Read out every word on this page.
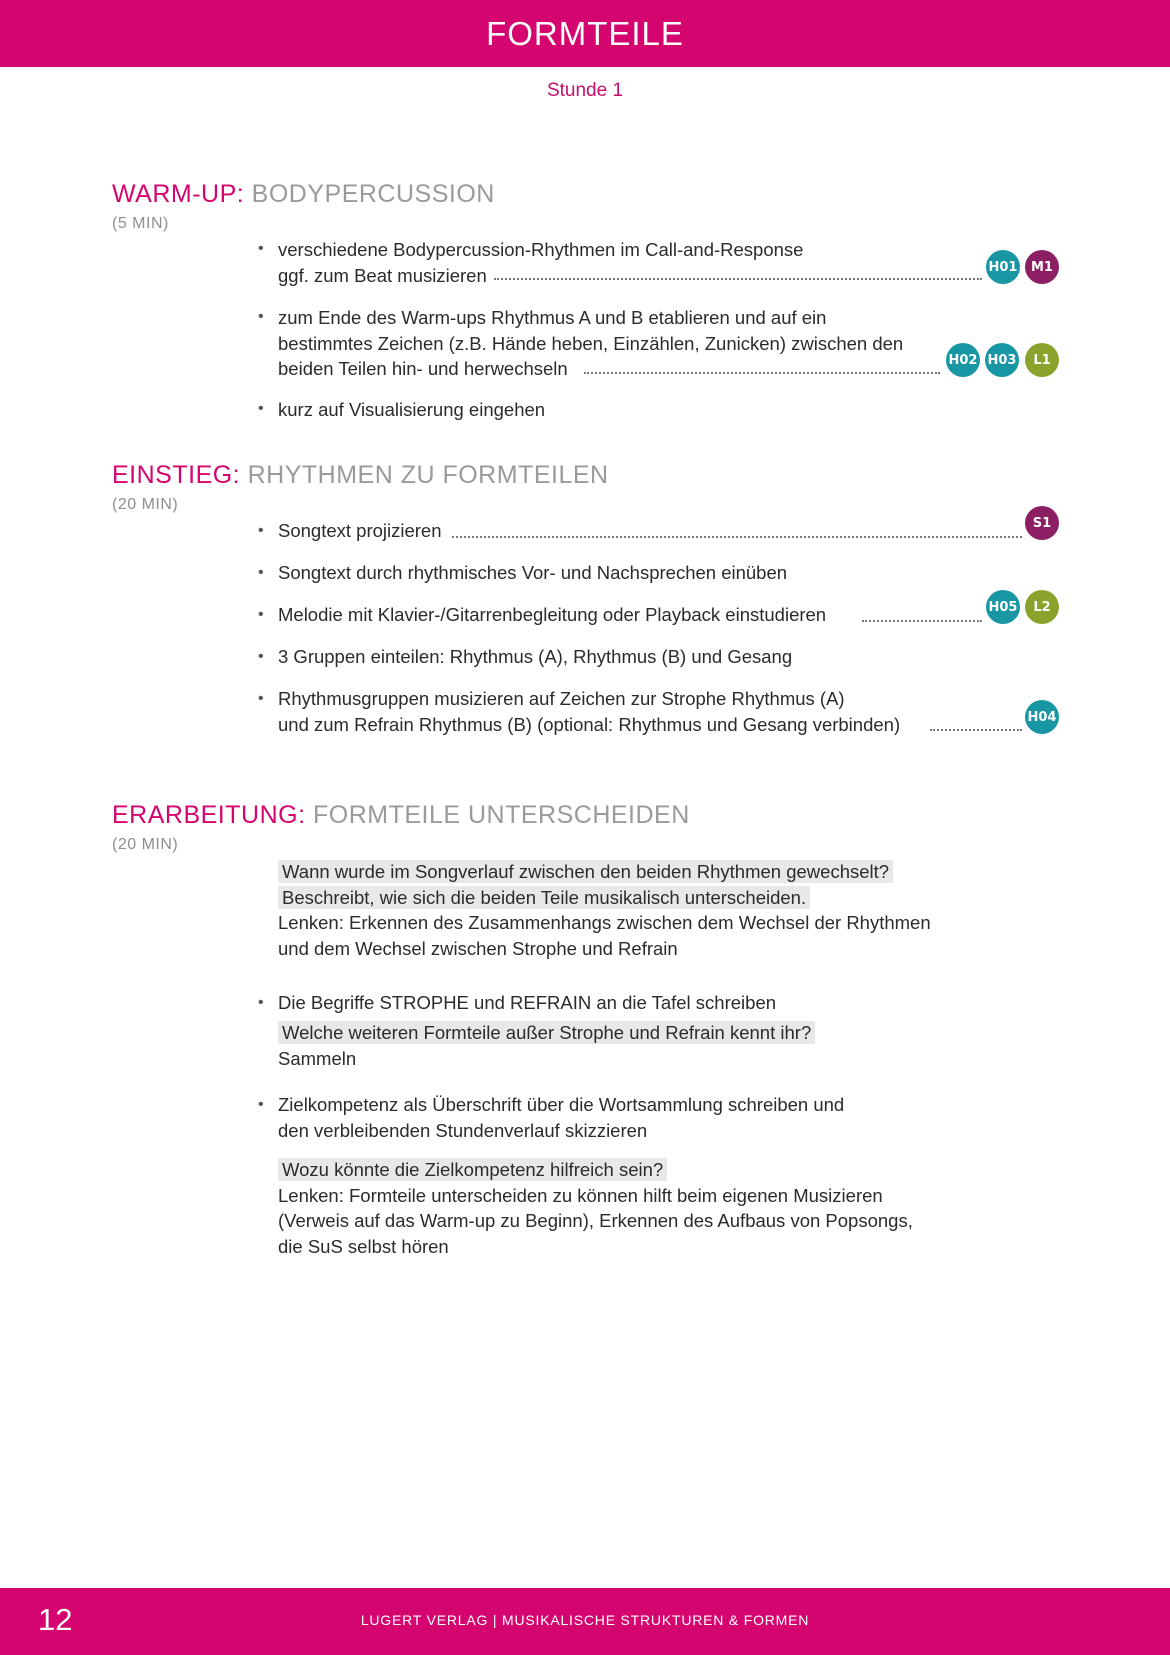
FORMTEILE
Stunde 1
WARM-UP: BODYPERCUSSION
(5 MIN)
• verschiedene Bodypercussion-Rhythmen im Call-and-Response
ggf. zum Beat musizieren	H01	M1
• zum Ende des Warm-ups Rhythmus A und B etablieren und auf ein
bestimmtes Zeichen (z.B. Hände heben, Einzählen, Zunicken) zwischen den
beiden Teilen hin- und herwechseln	H02 H03	L1
• kurz auf Visualisierung eingehen
EINSTIEG: RHYTHMEN ZU FORMTEILEN
(20 MIN)
• Songtext projizieren	S1
• Songtext durch rhythmisches Vor- und Nachsprechen einüben
• Melodie mit Klavier-/Gitarrenbegleitung oder Playback einstudieren	H05	L2
• 3 Gruppen einteilen: Rhythmus (A), Rhythmus (B) und Gesang
• Rhythmusgruppen musizieren auf Zeichen zur Strophe Rhythmus (A)
und zum Refrain Rhythmus (B) (optional: Rhythmus und Gesang verbinden)	H04
ERARBEITUNG: FORMTEILE UNTERSCHEIDEN
(20 MIN)
Wann wurde im Songverlauf zwischen den beiden Rhythmen gewechselt?
Beschreibt, wie sich die beiden Teile musikalisch unterscheiden.
Lenken: Erkennen des Zusammenhangs zwischen dem Wechsel der Rhythmen
und dem Wechsel zwischen Strophe und Refrain
• Die Begriffe STROPHE und REFRAIN an die Tafel schreiben
Welche weiteren Formteile außer Strophe und Refrain kennt ihr?
Sammeln
• Zielkompetenz als Überschrift über die Wortsammlung schreiben und
den verbleibenden Stundenverlauf skizzieren
Wozu könnte die Zielkompetenz hilfreich sein?
Lenken: Formteile unterscheiden zu können hilft beim eigenen Musizieren
(Verweis auf das Warm-up zu Beginn), Erkennen des Aufbaus von Popsongs,
die SuS selbst hören
12	LUGERT VERLAG | MUSIKALISCHE STRUKTUREN & FORMEN
